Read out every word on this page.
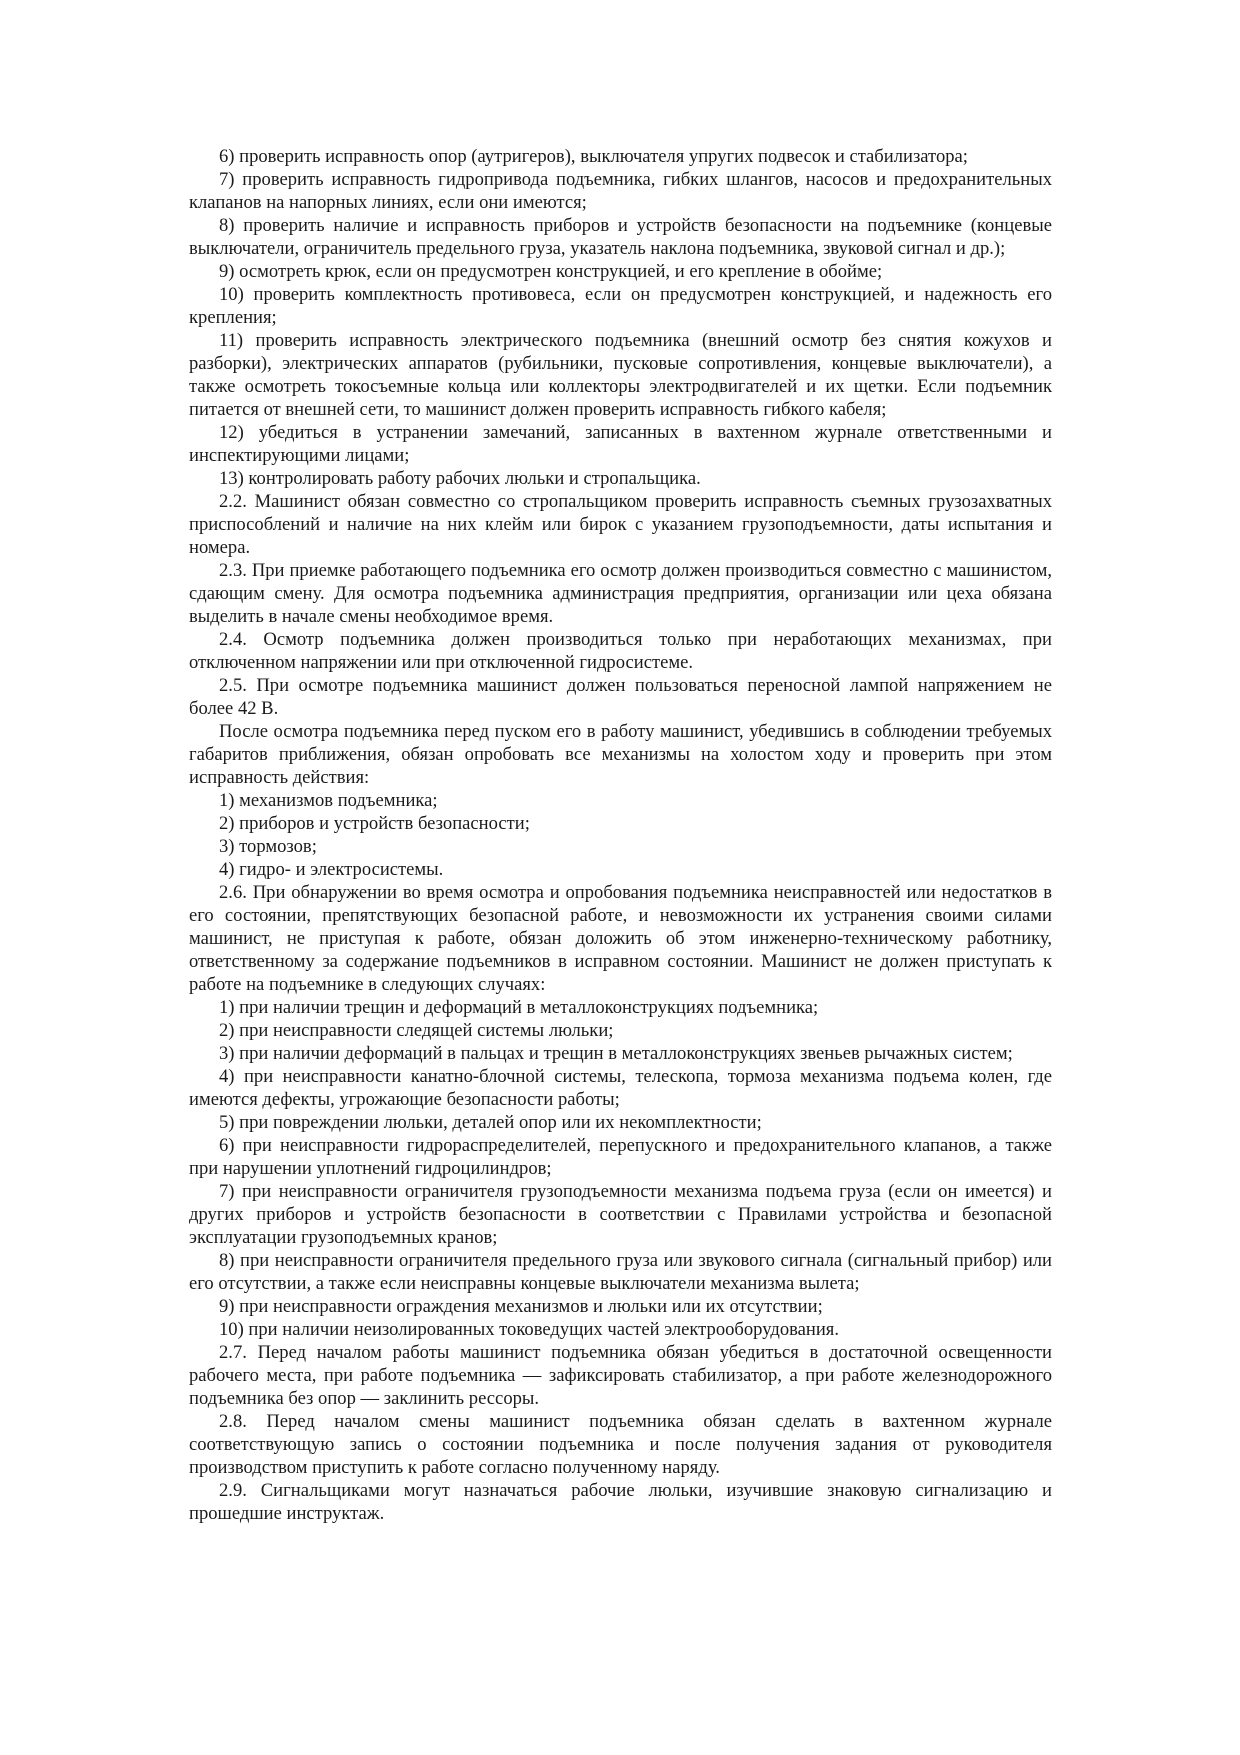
6) проверить исправность опор (аутригеров), выключателя упругих подвесок и стабилизатора;

7) проверить исправность гидропривода подъемника, гибких шлангов, насосов и предохранительных клапанов на напорных линиях, если они имеются;

8) проверить наличие и исправность приборов и устройств безопасности на подъемнике (концевые выключатели, ограничитель предельного груза, указатель наклона подъемника, звуковой сигнал и др.);

9) осмотреть крюк, если он предусмотрен конструкцией, и его крепление в обойме;

10) проверить комплектность противовеса, если он предусмотрен конструкцией, и надежность его крепления;

11) проверить исправность электрического подъемника (внешний осмотр без снятия кожухов и разборки), электрических аппаратов (рубильники, пусковые сопротивления, концевые выключатели), а также осмотреть токосъемные кольца или коллекторы электродвигателей и их щетки. Если подъемник питается от внешней сети, то машинист должен проверить исправность гибкого кабеля;

12) убедиться в устранении замечаний, записанных в вахтенном журнале ответственными и инспектирующими лицами;

13) контролировать работу рабочих люльки и стропальщика.

2.2. Машинист обязан совместно со стропальщиком проверить исправность съемных грузозахватных приспособлений и наличие на них клейм или бирок с указанием грузоподъемности, даты испытания и номера.

2.3. При приемке работающего подъемника его осмотр должен производиться совместно с машинистом, сдающим смену. Для осмотра подъемника администрация предприятия, организации или цеха обязана выделить в начале смены необходимое время.

2.4. Осмотр подъемника должен производиться только при неработающих механизмах, при отключенном напряжении или при отключенной гидросистеме.

2.5. При осмотре подъемника машинист должен пользоваться переносной лампой напряжением не более 42 В.

После осмотра подъемника перед пуском его в работу машинист, убедившись в соблюдении требуемых габаритов приближения, обязан опробовать все механизмы на холостом ходу и проверить при этом исправность действия:

1) механизмов подъемника;

2) приборов и устройств безопасности;

3) тормозов;

4) гидро- и электросистемы.

2.6. При обнаружении во время осмотра и опробования подъемника неисправностей или недостатков в его состоянии, препятствующих безопасной работе, и невозможности их устранения своими силами машинист, не приступая к работе, обязан доложить об этом инженерно-техническому работнику, ответственному за содержание подъемников в исправном состоянии. Машинист не должен приступать к работе на подъемнике в следующих случаях:

1) при наличии трещин и деформаций в металлоконструкциях подъемника;

2) при неисправности следящей системы люльки;

3) при наличии деформаций в пальцах и трещин в металлоконструкциях звеньев рычажных систем;

4) при неисправности канатно-блочной системы, телескопа, тормоза механизма подъема колен, где имеются дефекты, угрожающие безопасности работы;

5) при повреждении люльки, деталей опор или их некомплектности;

6) при неисправности гидрораспределителей, перепускного и предохранительного клапанов, а также при нарушении уплотнений гидроцилиндров;

7) при неисправности ограничителя грузоподъемности механизма подъема груза (если он имеется) и других приборов и устройств безопасности в соответствии с Правилами устройства и безопасной эксплуатации грузоподъемных кранов;

8) при неисправности ограничителя предельного груза или звукового сигнала (сигнальный прибор) или его отсутствии, а также если неисправны концевые выключатели механизма вылета;

9) при неисправности ограждения механизмов и люльки или их отсутствии;

10) при наличии неизолированных токоведущих частей электрооборудования.

2.7. Перед началом работы машинист подъемника обязан убедиться в достаточной освещенности рабочего места, при работе подъемника — зафиксировать стабилизатор, а при работе железнодорожного подъемника без опор — заклинить рессоры.

2.8. Перед началом смены машинист подъемника обязан сделать в вахтенном журнале соответствующую запись о состоянии подъемника и после получения задания от руководителя производством приступить к работе согласно полученному наряду.

2.9. Сигнальщиками могут назначаться рабочие люльки, изучившие знаковую сигнализацию и прошедшие инструктаж.
